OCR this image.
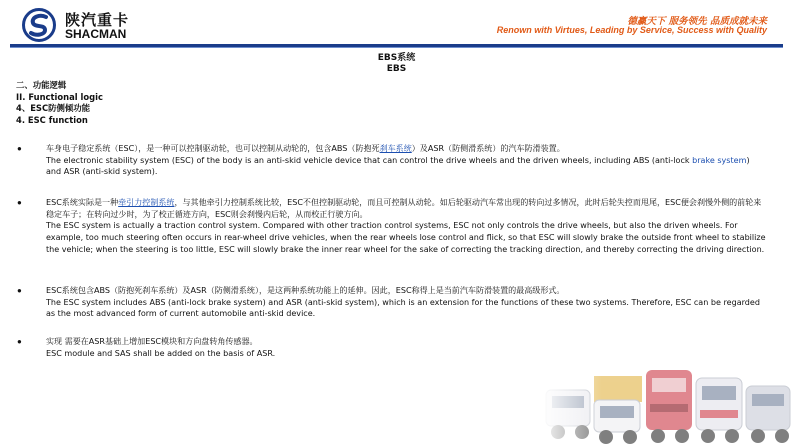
陕汽重卡
SHACMAN
德赢天下 服务领先 品质成就未来
Renown with Virtues, Leading by Service, Success with Quality
EBS系统
EBS
二、功能逻辑
II. Functional logic
4、ESC防侧倾功能
4. ESC function
●	车身电子稳定系统（ESC），是一种可以控制驱动轮，也可以控制从动轮的，包含ABS（防抱死刹车系统）及ASR（防侧滑系统）的汽车防滑装置。
The electronic stability system (ESC) of the body is an anti-skid vehicle device that can control the drive wheels and the driven wheels, including ABS (anti-lock brake system) and ASR (anti-skid system).
●	ESC系统实际是一种牵引力控制系统，与其他牵引力控制系统比较，ESC不但控制驱动轮，而且可控制从动轮。如后轮驱动汽车常出现的转向过多情况，此时后轮失控而甩尾，ESC便会刹慢外侧的前轮来稳定车子；在转向过少时，为了校正循迹方向，ESC则会刹慢内后轮，从而校正行驶方向。
The ESC system is actually a traction control system. Compared with other traction control systems, ESC not only controls the drive wheels, but also the driven wheels. For example, too much steering often occurs in rear-wheel drive vehicles, when the rear wheels lose control and flick, so that ESC will slowly brake the outside front wheel to stabilize the vehicle; when the steering is too little, ESC will slowly brake the inner rear wheel for the sake of correcting the tracking direction, and thereby correcting the driving direction.
●	ESC系统包含ABS（防抱死刹车系统）及ASR（防侧滑系统），是这两种系统功能上的延伸。因此，ESC称得上是当前汽车防滑装置的最高级形式。
The ESC system includes ABS (anti-lock brake system) and ASR (anti-skid system), which is an extension for the functions of these two systems. Therefore, ESC can be regarded as the most advanced form of current automobile anti-skid device.
●	实现 需要在ASR基础上增加ESC模块和方向盘转角传感器。
ESC module and SAS shall be added on the basis of ASR.
